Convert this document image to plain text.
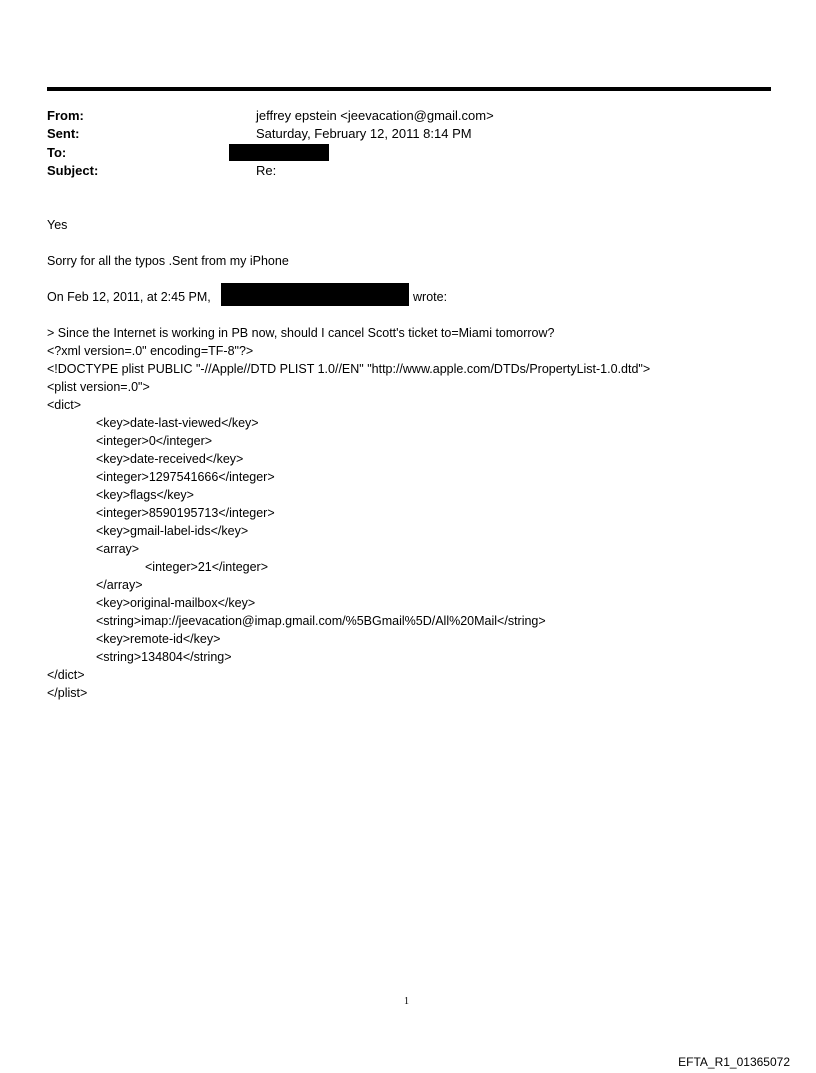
From:	jeffrey epstein <jeevacation@gmail.com>
Sent:	Saturday, February 12, 2011 8:14 PM
To:
Subject:	Re:
Yes
Sorry for all the typos .Sent from my iPhone
On Feb 12, 2011, at 2:45 PM,	wrote:
> Since the Internet is working in PB now, should I cancel Scott's ticket to=Miami tomorrow?
<?xml version=.0" encoding=TF-8"?>
<!DOCTYPE plist PUBLIC "-//Apple//DTD PLIST 1.0//EN" "http://www.apple.com/DTDs/PropertyList-1.0.dtd">
<plist version=.0">
<dict>
<key>date-last-viewed</key>
<integer>0</integer>
<key>date-received</key>
<integer>1297541666</integer>
<key>flags</key>
<integer>8590195713</integer>
<key>gmail-label-ids</key>
<array>
<integer>21</integer>
</array>
<key>original-mailbox</key>
<string>imap://jeevacation@imap.gmail.com/%5BGmail%5D/All%20Mail</string>
<key>remote-id</key>
<string>134804</string>
</dict>
</plist>
1
EFTA_R1_01365072
